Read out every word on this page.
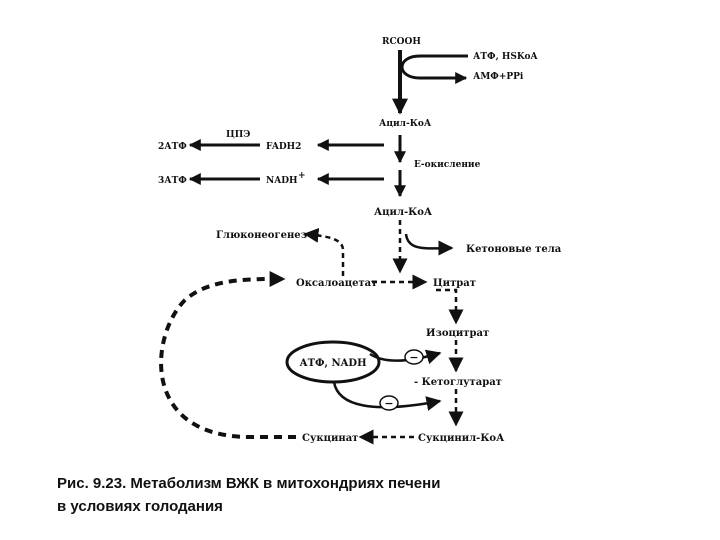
−
−
RCOOH
АТФ, HSKoA
АМФ+PPi
Ацил-КоА
Ε-окисление
Ацил-КоА
FADH2
NADH +
ЦПЭ
2АТФ
3АТФ
Глюконеогенез
Кетоновые тела
Оксалоацетат	Цитрат
Изоцитрат
АТФ, NADH
- Кетоглутарат
Сукцинил-КоА
Сукцинат
Рис. 9.23. Метаболизм ВЖК в митохондриях печени
в условиях голодания
